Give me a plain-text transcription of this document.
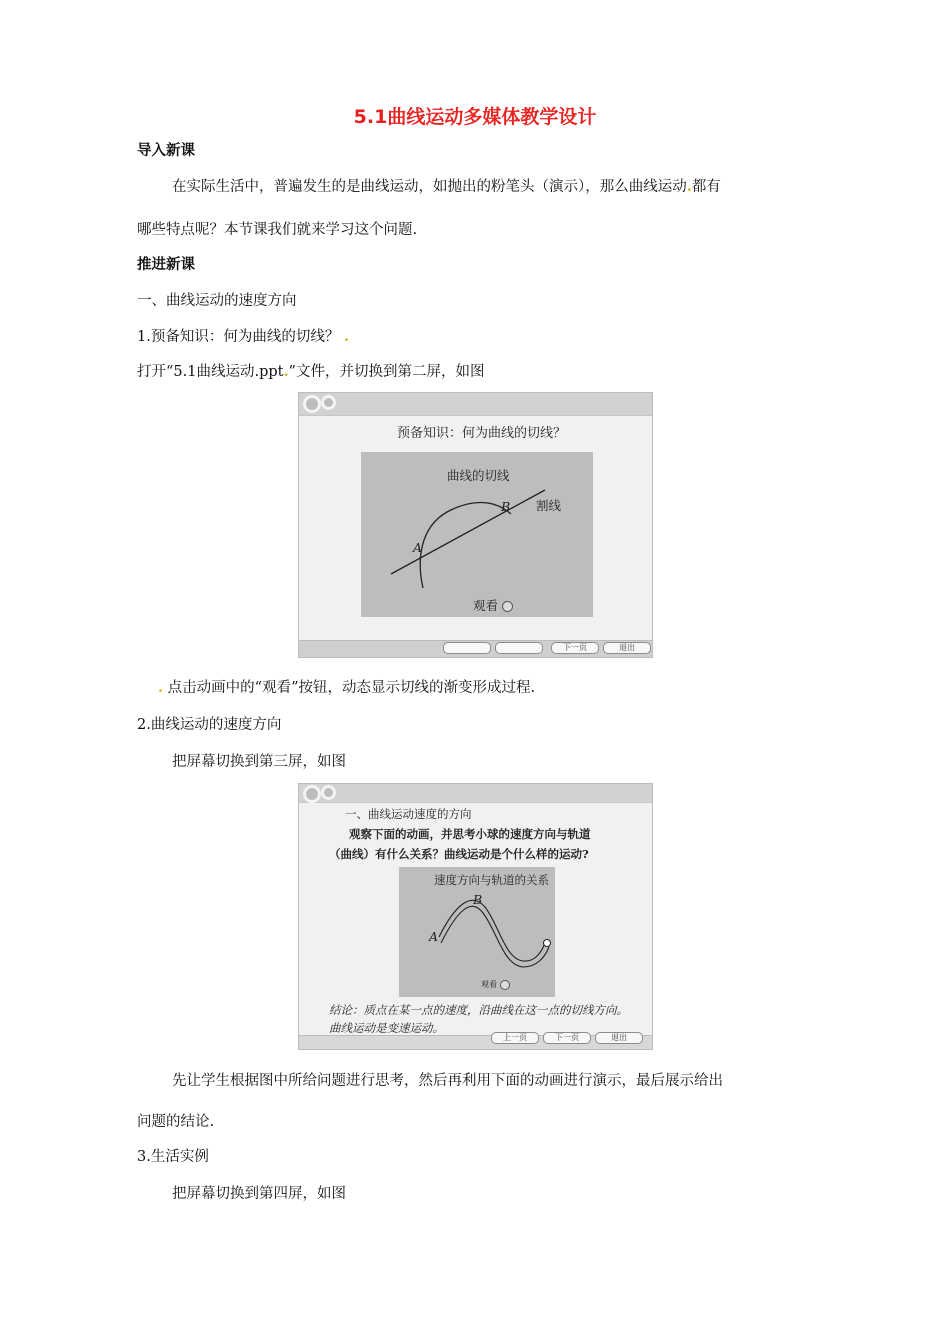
5.1曲线运动多媒体教学设计
导入新课
在实际生活中，普遍发生的是曲线运动，如抛出的粉笔头（演示），那么曲线运动.都有
哪些特点呢？本节课我们就来学习这个问题.
推进新课
一、曲线运动的速度方向
1.预备知识：何为曲线的切线？ .
打开“5.1曲线运动.ppt.”文件，并切换到第二屏，如图
预备知识：何为曲线的切线？
曲线的切线
B 割线
A
观看
下一页	退出
. 点击动画中的“观看”按钮，动态显示切线的渐变形成过程.
2.曲线运动的速度方向
把屏幕切换到第三屏，如图
一、曲线运动速度的方向
观察下面的动画，并思考小球的速度方向与轨道
（曲线）有什么关系？曲线运动是个什么样的运动?
速度方向与轨道的关系
B
A
观看
结论：质点在某一点的速度，沿曲线在这一点的切线方向。
曲线运动是变速运动。
上一页	下一页	退出
先让学生根据图中所给问题进行思考，然后再利用下面的动画进行演示，最后展示给出
问题的结论.
3.生活实例
把屏幕切换到第四屏，如图
